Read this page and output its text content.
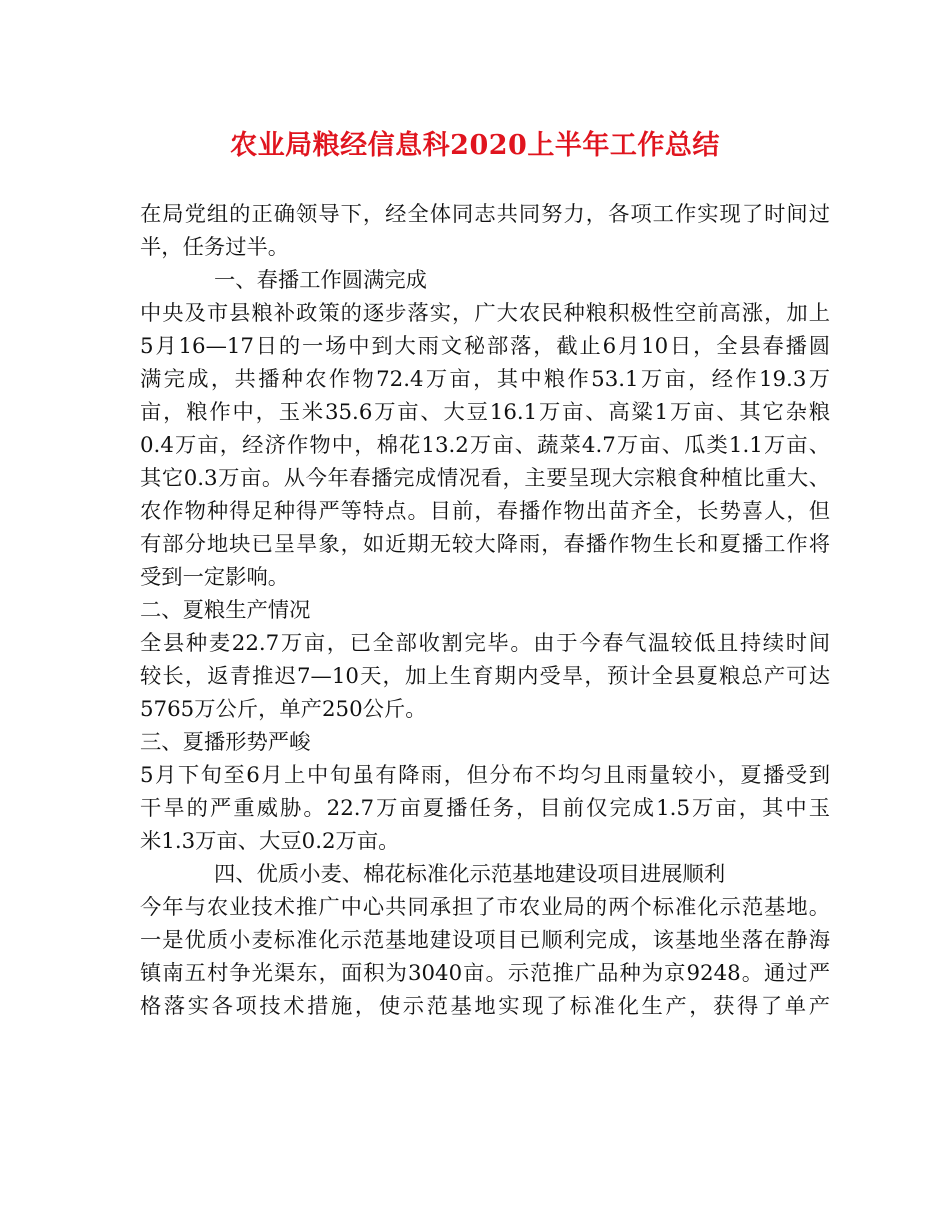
农业局粮经信息科2020上半年工作总结
在局党组的正确领导下，经全体同志共同努力，各项工作实现了时间过
半，任务过半。
一、春播工作圆满完成
中央及市县粮补政策的逐步落实，广大农民种粮积极性空前高涨，加上
5月16—17日的一场中到大雨文秘部落，截止6月10日，全县春播圆
满完成，共播种农作物72.4万亩，其中粮作53.1万亩，经作19.3万
亩，粮作中，玉米35.6万亩、大豆16.1万亩、高粱1万亩、其它杂粮
0.4万亩，经济作物中，棉花13.2万亩、蔬菜4.7万亩、瓜类1.1万亩、
其它0.3万亩。从今年春播完成情况看，主要呈现大宗粮食种植比重大、
农作物种得足种得严等特点。目前，春播作物出苗齐全，长势喜人，但
有部分地块已呈旱象，如近期无较大降雨，春播作物生长和夏播工作将
受到一定影响。
二、夏粮生产情况
全县种麦22.7万亩，已全部收割完毕。由于今春气温较低且持续时间
较长，返青推迟7—10天，加上生育期内受旱，预计全县夏粮总产可达
5765万公斤，单产250公斤。
三、夏播形势严峻
5月下旬至6月上中旬虽有降雨，但分布不均匀且雨量较小，夏播受到
干旱的严重威胁。22.7万亩夏播任务，目前仅完成1.5万亩，其中玉
米1.3万亩、大豆0.2万亩。
四、优质小麦、棉花标准化示范基地建设项目进展顺利
今年与农业技术推广中心共同承担了市农业局的两个标准化示范基地。
一是优质小麦标准化示范基地建设项目已顺利完成，该基地坐落在静海
镇南五村争光渠东，面积为3040亩。示范推广品种为京9248。通过严
格落实各项技术措施，使示范基地实现了标准化生产，获得了单产
